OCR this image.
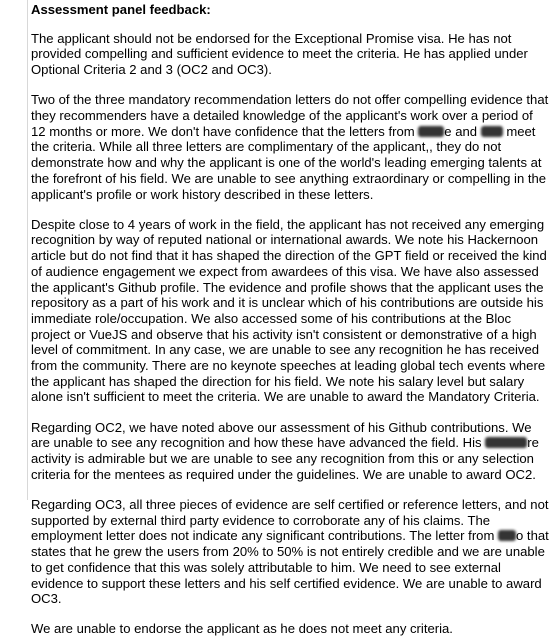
Assessment panel feedback:

The applicant should not be endorsed for the Exceptional Promise visa. He has not provided compelling and sufficient evidence to meet the criteria. He has applied under Optional Criteria 2 and 3 (OC2 and OC3).

Two of the three mandatory recommendation letters do not offer compelling evidence that they recommenders have a detailed knowledge of the applicant's work over a period of 12 months or more. We don't have confidence that the letters from e and  meet the criteria. While all three letters are complimentary of the applicant,, they do not demonstrate how and why the applicant is one of the world's leading emerging talents at the forefront of his field. We are unable to see anything extraordinary or compelling in the applicant's profile or work history described in these letters.

Despite close to 4 years of work in the field, the applicant has not received any emerging recognition by way of reputed national or international awards. We note his Hackernoon article but do not find that it has shaped the direction of the GPT field or received the kind of audience engagement we expect from awardees of this visa. We have also assessed the applicant's Github profile. The evidence and profile shows that the applicant uses the repository as a part of his work and it is unclear which of his contributions are outside his immediate role/occupation. We also accessed some of his contributions at the Bloc project or VueJS and observe that his activity isn't consistent or demonstrative of a high level of commitment. In any case, we are unable to see any recognition he has received from the community. There are no keynote speeches at leading global tech events where the applicant has shaped the direction for his field. We note his salary level but salary alone isn't sufficient to meet the criteria. We are unable to award the Mandatory Criteria.

Regarding OC2, we have noted above our assessment of his Github contributions. We are unable to see any recognition and how these have advanced the field. His	re activity is admirable but we are unable to see any recognition from this or any selection criteria for the mentees as required under the guidelines. We are unable to award OC2.

Regarding OC3, all three pieces of evidence are self certified or reference letters, and not supported by external third party evidence to corroborate any of his claims. The employment letter does not indicate any significant contributions. The letter from o that states that he grew the users from 20% to 50% is not entirely credible and we are unable to get confidence that this was solely attributable to him. We need to see external evidence to support these letters and his self certified evidence. We are unable to award OC3.

We are unable to endorse the applicant as he does not meet any criteria.
